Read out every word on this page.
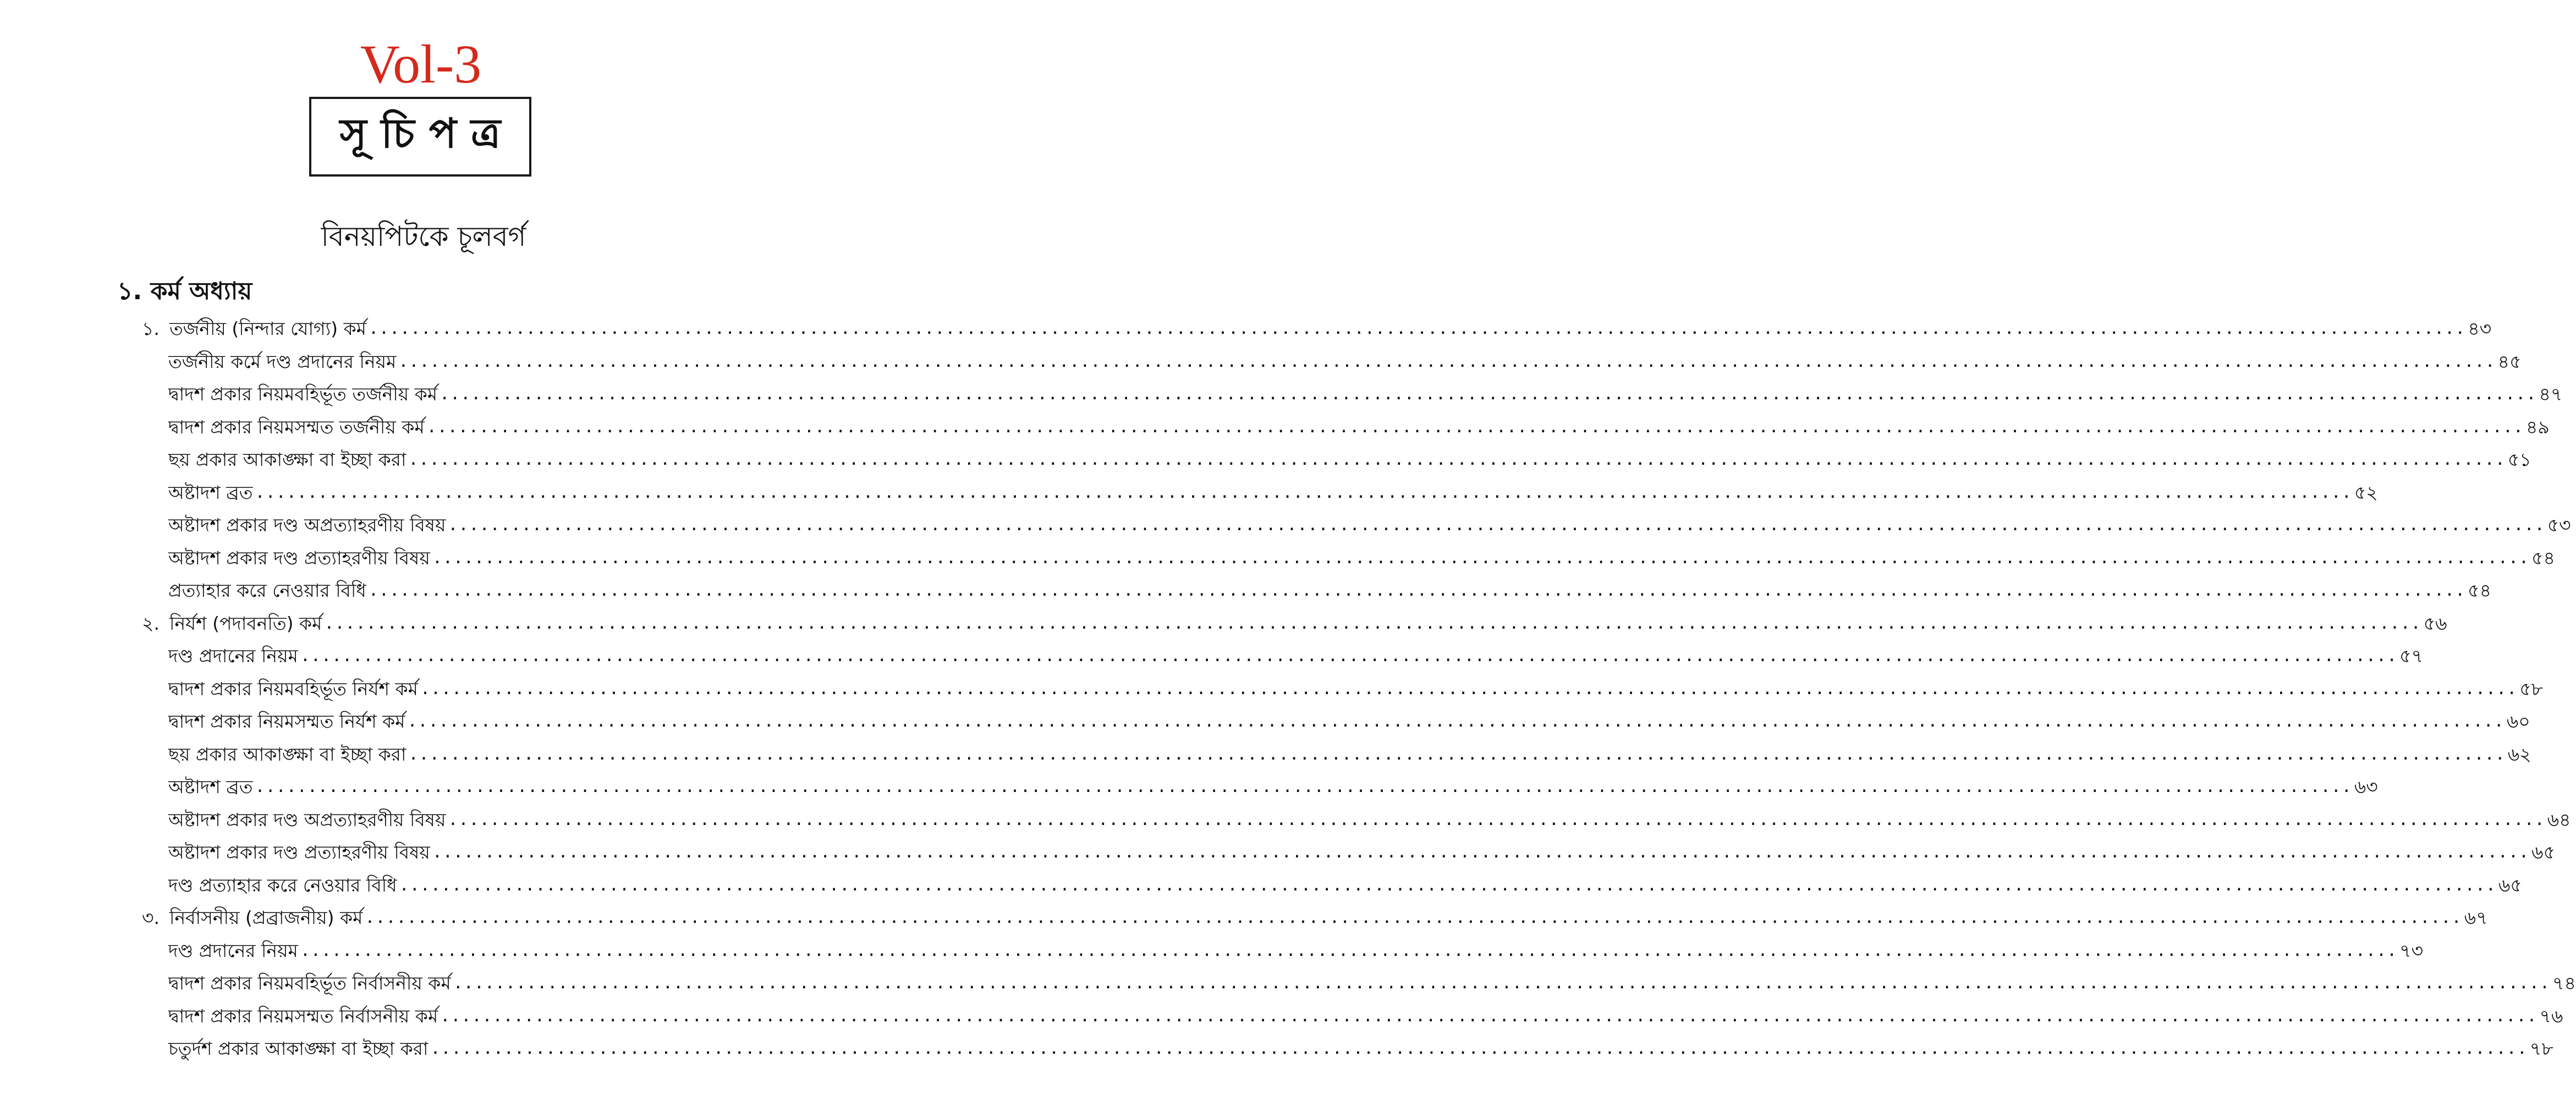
Vol-3
সূচিপত্র
বিনয়পিটকে চূলবর্গ
১. কর্ম অধ্যায়
১. তর্জনীয় (নিন্দার যোগ্য) কর্ম ........................................................................................................................................................................................................ ৪৩
তর্জনীয় কর্মে দণ্ড প্রদানের নিয়ম ........................................................................................................................................................................................................ ৪৫
দ্বাদশ প্রকার নিয়মবহির্ভূত তর্জনীয় কর্ম ........................................................................................................................................................................................................ ৪৭
দ্বাদশ প্রকার নিয়মসম্মত তর্জনীয় কর্ম ........................................................................................................................................................................................................ ৪৯
ছয় প্রকার আকাঙ্ক্ষা বা ইচ্ছা করা ........................................................................................................................................................................................................ ৫১
অষ্টাদশ ব্রত ........................................................................................................................................................................................................ ৫২
অষ্টাদশ প্রকার দণ্ড অপ্রত্যাহরণীয় বিষয় ........................................................................................................................................................................................................ ৫৩
অষ্টাদশ প্রকার দণ্ড প্রত্যাহরণীয় বিষয় ........................................................................................................................................................................................................ ৫৪
প্রত্যাহার করে নেওয়ার বিধি ........................................................................................................................................................................................................ ৫৪
২. নির্যশ (পদাবনতি) কর্ম ........................................................................................................................................................................................................ ৫৬
দণ্ড প্রদানের নিয়ম ........................................................................................................................................................................................................ ৫৭
দ্বাদশ প্রকার নিয়মবহির্ভূত নির্যশ কর্ম ........................................................................................................................................................................................................ ৫৮
দ্বাদশ প্রকার নিয়মসম্মত নির্যশ কর্ম ........................................................................................................................................................................................................ ৬০
ছয় প্রকার আকাঙ্ক্ষা বা ইচ্ছা করা ........................................................................................................................................................................................................ ৬২
অষ্টাদশ ব্রত ........................................................................................................................................................................................................ ৬৩
অষ্টাদশ প্রকার দণ্ড অপ্রত্যাহরণীয় বিষয় ........................................................................................................................................................................................................ ৬৪
অষ্টাদশ প্রকার দণ্ড প্রত্যাহরণীয় বিষয় ........................................................................................................................................................................................................ ৬৫
দণ্ড প্রত্যাহার করে নেওয়ার বিধি ........................................................................................................................................................................................................ ৬৫
৩. নির্বাসনীয় (প্রব্রাজনীয়) কর্ম ........................................................................................................................................................................................................ ৬৭
দণ্ড প্রদানের নিয়ম ........................................................................................................................................................................................................ ৭৩
দ্বাদশ প্রকার নিয়মবহির্ভূত নির্বাসনীয় কর্ম ........................................................................................................................................................................................................ ৭৪
দ্বাদশ প্রকার নিয়মসম্মত নির্বাসনীয় কর্ম ........................................................................................................................................................................................................ ৭৬
চতুর্দশ প্রকার আকাঙ্ক্ষা বা ইচ্ছা করা ........................................................................................................................................................................................................ ৭৮
